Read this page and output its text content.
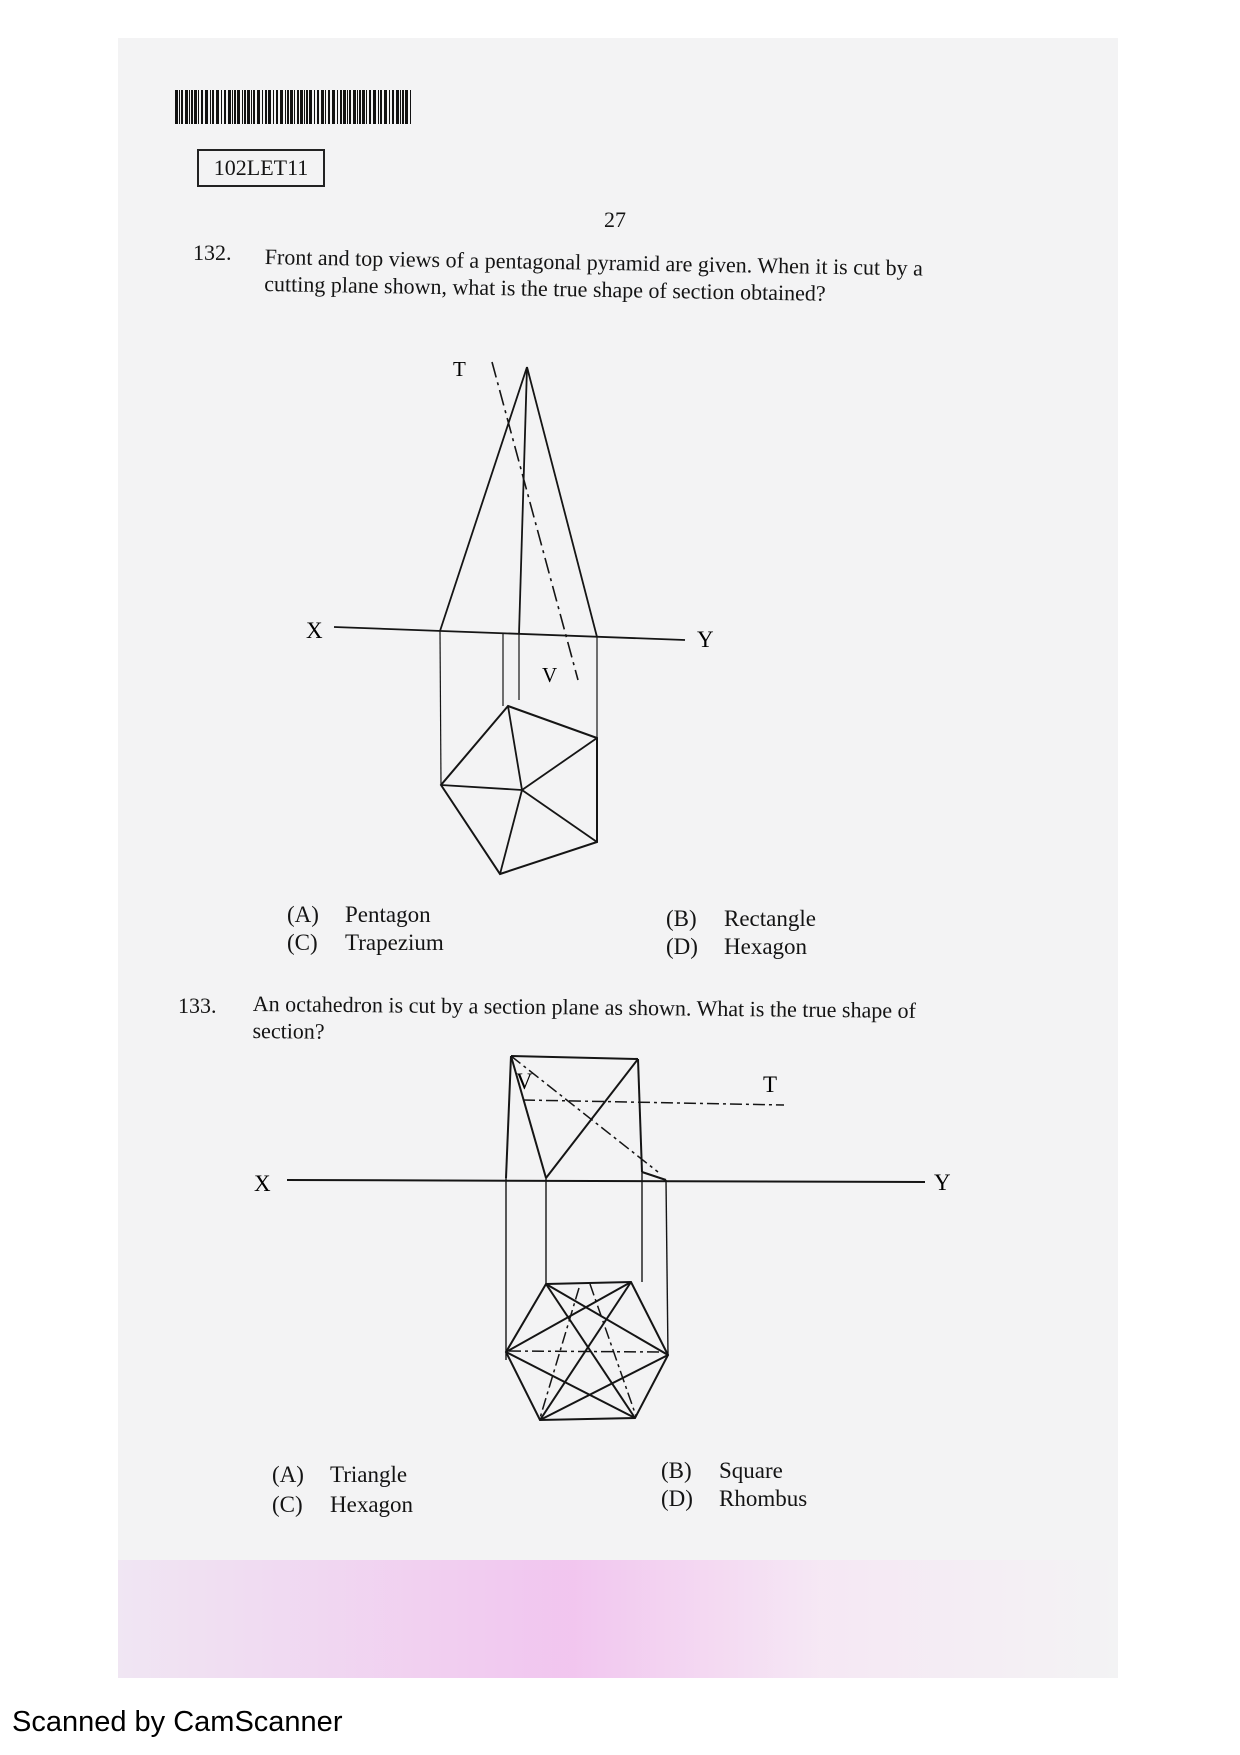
102LET11
27
132. Front and top views of a pentagonal pyramid are given. When it is cut by a
cutting plane shown, what is the true shape of section obtained?
T
X	Y
V
(A) Pentagon	(B) Rectangle
(C) Trapezium	(D) Hexagon
133. An octahedron is cut by a section plane as shown. What is the true shape of
section?
V	T
X	Y
(A) Triangle	(B) Square
(C) Hexagon	(D) Rhombus
Scanned by CamScanner
